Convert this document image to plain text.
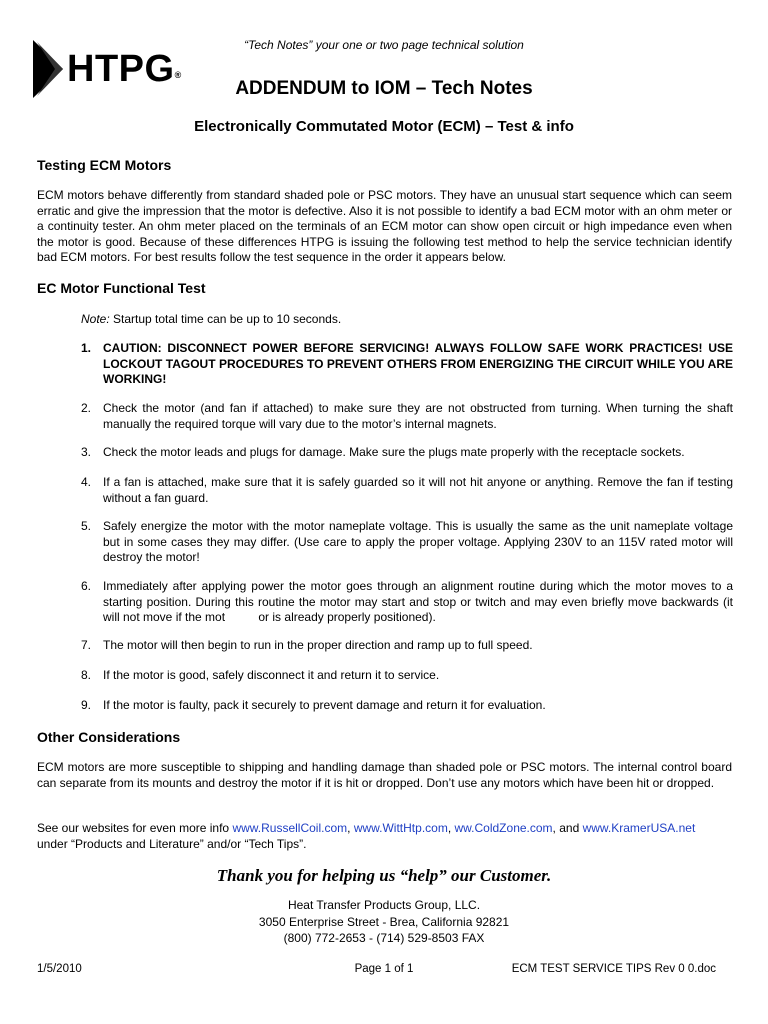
“Tech Notes” your one or two page technical solution
HTPG®
ADDENDUM to IOM – Tech Notes
Electronically Commutated Motor (ECM) – Test & info
Testing ECM Motors

ECM motors behave differently from standard shaded pole or PSC motors. They have an unusual start sequence which can seem erratic and give the impression that the motor is defective. Also it is not possible to identify a bad ECM motor with an ohm meter or a continuity tester. An ohm meter placed on the terminals of an ECM motor can show open circuit or high impedance even when the motor is good. Because of these differences HTPG is issuing the following test method to help the service technician identify bad ECM motors. For best results follow the test sequence in the order it appears below.

EC Motor Functional Test
Note: Startup total time can be up to 10 seconds.
1. CAUTION: DISCONNECT POWER BEFORE SERVICING! ALWAYS FOLLOW SAFE WORK PRACTICES! USE LOCKOUT TAGOUT PROCEDURES TO PREVENT OTHERS FROM ENERGIZING THE CIRCUIT WHILE YOU ARE WORKING!
2. Check the motor (and fan if attached) to make sure they are not obstructed from turning. When turning the shaft manually the required torque will vary due to the motor’s internal magnets.
3. Check the motor leads and plugs for damage. Make sure the plugs mate properly with the receptacle sockets.
4. If a fan is attached, make sure that it is safely guarded so it will not hit anyone or anything. Remove the fan if testing without a fan guard.
5. Safely energize the motor with the motor nameplate voltage. This is usually the same as the unit nameplate voltage but in some cases they may differ. (Use care to apply the proper voltage. Applying 230V to an 115V rated motor will destroy the motor!
6. Immediately after applying power the motor goes through an alignment routine during which the motor moves to a starting position. During this routine the motor may start and stop or twitch and may even briefly move backwards (it will not move if the mot          or is already properly positioned).
7. The motor will then begin to run in the proper direction and ramp up to full speed.
8. If the motor is good, safely disconnect it and return it to service.
9. If the motor is faulty, pack it securely to prevent damage and return it for evaluation.
Other Considerations

ECM motors are more susceptible to shipping and handling damage than shaded pole or PSC motors. The internal control board can separate from its mounts and destroy the motor if it is hit or dropped. Don’t use any motors which have been hit or dropped.

See our websites for even more info www.RussellCoil.com, www.WittHtp.com, ww.ColdZone.com, and www.KramerUSA.net
under “Products and Literature” and/or “Tech Tips”.

Thank you for helping us “help” our Customer.
Heat Transfer Products Group, LLC.
3050 Enterprise Street - Brea, California 92821
(800) 772-2653 - (714) 529-8503 FAX
1/5/2010	Page 1 of 1	ECM TEST SERVICE TIPS Rev 0 0.doc
